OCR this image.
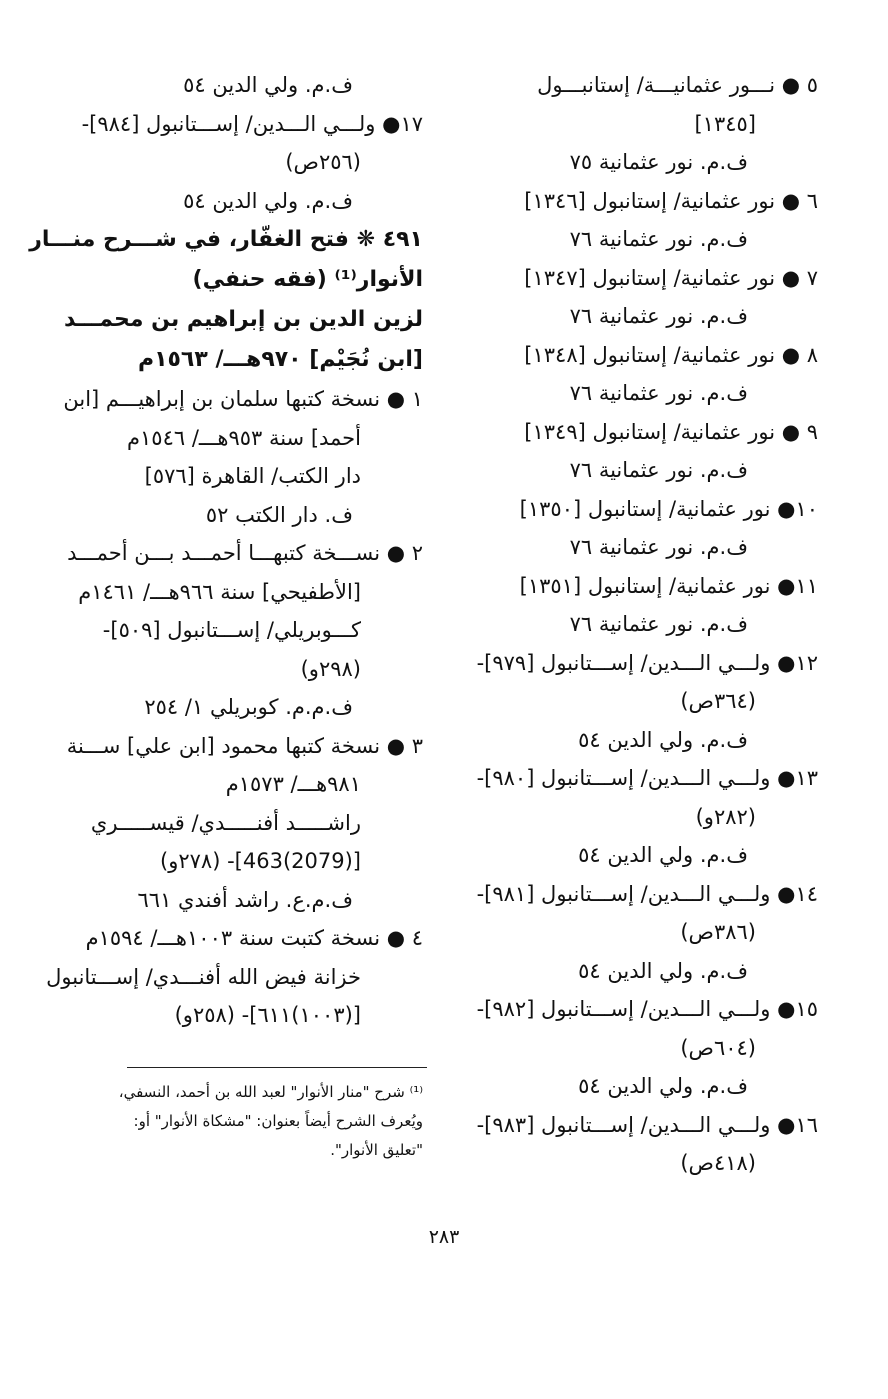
٥ ● نـــور عثمانيـــة/ إستانبـــول
[١٣٤٥]
ف.م. نور عثمانية ٧٥
٦ ● نور عثمانية/ إستانبول [١٣٤٦]
ف.م. نور عثمانية ٧٦
٧ ● نور عثمانية/ إستانبول [١٣٤٧]
ف.م. نور عثمانية ٧٦
٨ ● نور عثمانية/ إستانبول [١٣٤٨]
ف.م. نور عثمانية ٧٦
٩ ● نور عثمانية/ إستانبول [١٣٤٩]
ف.م. نور عثمانية ٧٦
١٠● نور عثمانية/ إستانبول [١٣٥٠]
ف.م. نور عثمانية ٧٦
١١● نور عثمانية/ إستانبول [١٣٥١]
ف.م. نور عثمانية ٧٦
١٢● ولـــي الـــدين/ إســـتانبول [٩٧٩]-
(٣٦٤ص)
ف.م. ولي الدين ٥٤
١٣● ولـــي الـــدين/ إســـتانبول [٩٨٠]-
(٢٨٢و)
ف.م. ولي الدين ٥٤
١٤● ولـــي الـــدين/ إســـتانبول [٩٨١]-
(٣٨٦ص)
ف.م. ولي الدين ٥٤
١٥● ولـــي الـــدين/ إســـتانبول [٩٨٢]-
(٦٠٤ص)
ف.م. ولي الدين ٥٤
١٦● ولـــي الـــدين/ إســـتانبول [٩٨٣]-
(٤١٨ص)
ف.م. ولي الدين ٥٤
١٧● ولـــي الـــدين/ إســـتانبول [٩٨٤]-
(٢٥٦ص)
ف.م. ولي الدين ٥٤
٤٩١ ❋ فتح الغفّار، في شـــرح منـــار
الأنوار⁽¹⁾ (فقه حنفي)
لزين الدين بن إبراهيم بن محمـــد
[ابن نُجَيْم] ٩٧٠هـــ/ ١٥٦٣م
١ ● نسخة كتبها سلمان بن إبراهيـــم [ابن
أحمد] سنة ٩٥٣هـــ/ ١٥٤٦م
دار الكتب/ القاهرة [٥٧٦]
ف. دار الكتب ٥٢
٢ ● نســـخة كتبهـــا أحمـــد بـــن أحمـــد
[الأطفيحي] سنة ٩٦٦هـــ/ ١٤٦١م
كـــوبريلي/ إســـتانبول [٥٠٩]-
(٢٩٨و)
ف.م.م. كوبريلي ١/ ٢٥٤
٣ ● نسخة كتبها محمود [ابن علي] ســـنة
٩٨١هـــ/ ١٥٧٣م
راشـــــد أفنـــــدي/ قيســـــري
[(2079)463]- (٢٧٨و)
ف.م.ع. راشد أفندي ٦٦١
٤ ● نسخة كتبت سنة ١٠٠٣هـــ/ ١٥٩٤م
خزانة فيض الله أفنـــدي/ إســـتانبول
[(١٠٠٣)٦١١]- (٢٥٨و)
⁽¹⁾ شرح "منار الأنوار" لعبد الله بن أحمد، النسفي،
ويُعرف الشرح أيضاً بعنوان: "مشكاة الأنوار" أو:
"تعليق الأنوار".
٢٨٣
